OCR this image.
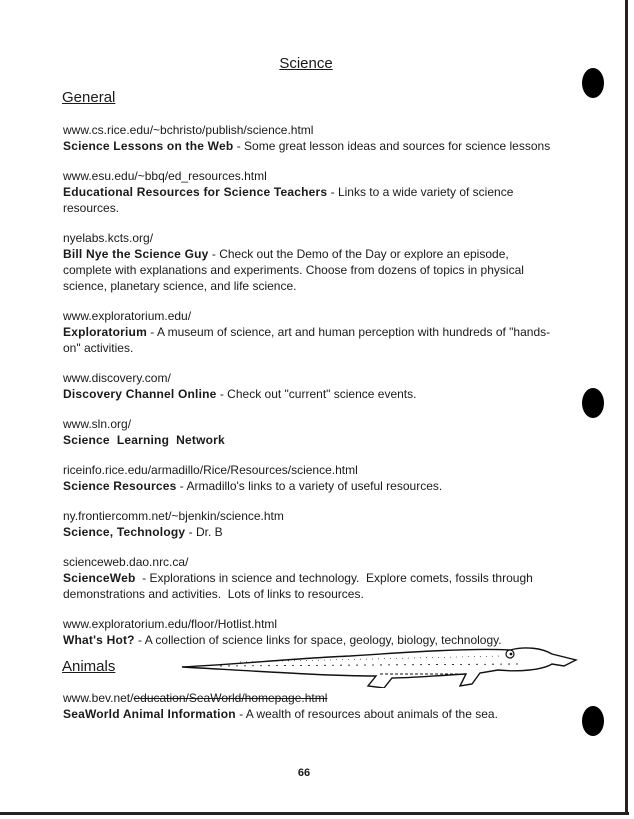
Science
General
www.cs.rice.edu/~bchristo/publish/science.html
Science Lessons on the Web - Some great lesson ideas and sources for science lessons
www.esu.edu/~bbq/ed_resources.html
Educational Resources for Science Teachers - Links to a wide variety of science resources.
nyelabs.kcts.org/
Bill Nye the Science Guy - Check out the Demo of the Day or explore an episode, complete with explanations and experiments. Choose from dozens of topics in physical science, planetary science, and life science.
www.exploratorium.edu/
Exploratorium - A museum of science, art and human perception with hundreds of "hands-on" activities.
www.discovery.com/
Discovery Channel Online - Check out "current" science events.
www.sln.org/
Science  Learning  Network
riceinfo.rice.edu/armadillo/Rice/Resources/science.html
Science Resources - Armadillo's links to a variety of useful resources.
ny.frontiercomm.net/~bjenkin/science.htm
Science, Technology - Dr. B
scienceweb.dao.nrc.ca/
ScienceWeb  - Explorations in science and technology.  Explore comets, fossils through demonstrations and activities.  Lots of links to resources.
www.exploratorium.edu/floor/Hotlist.html
What's Hot? - A collection of science links for space, geology, biology, technology.
Animals
www.bev.net/education/SeaWorld/homepage.html
SeaWorld Animal Information - A wealth of resources about animals of the sea.
66
